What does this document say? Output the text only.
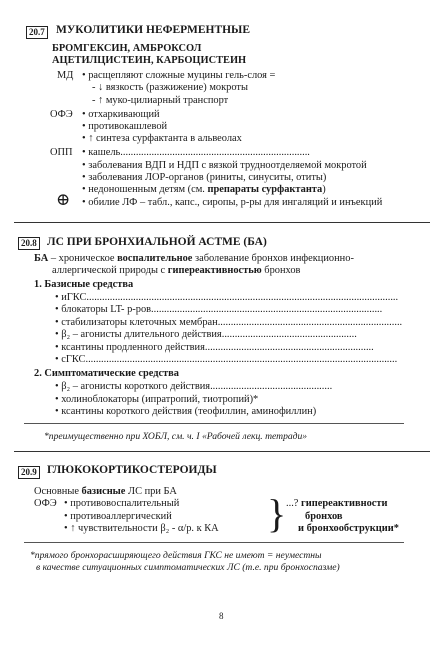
20.7 МУКОЛИТИКИ НЕФЕРМЕНТНЫЕ
БРОМГЕКСИН, АМБРОКСОЛ
АЦЕТИЛЦИСТЕИН, КАРБОЦИСТЕИН
МД • расщепляют сложные муцины гель-слоя =
- ↓ вязкость (разжижение) мокроты
- ↑ муко-цилиарный транспорт
ОФЭ • отхаркивающий
• противокашлевой
• ↑ синтеза сурфактанта в альвеолах
ОПП • кашель.........................................................................
• заболевания ВДП и НДП с вязкой трудноотделяемой мокротой
• заболевания ЛОР-органов (риниты, синуситы, отиты)
• недоношенным детям (см. препараты сурфактанта)
⊕ • обилие ЛФ – табл., капс., сиропы, р-ры для ингаляций и инъекций
20.8 ЛС ПРИ БРОНХИАЛЬНОЙ АСТМЕ (БА)
БА – хроническое воспалительное заболевание бронхов инфекционно-
аллергической природы с гипереактивностью бронхов
1. Базисные средства
• иГКС........................................................................................................................
• блокаторы LT- р-ров.........................................................................................
• стабилизаторы клеточных мембран.......................................................................
• β₂ – агонисты длительного действия....................................................
• ксантины продленного действия.................................................................
• сГКС........................................................................................................................
2. Симптоматические средства
• β₂ – агонисты короткого действия...............................................
• холиноблокаторы (ипратропий, тиотропий)*
• ксантины короткого действия (теофиллин, аминофиллин)
*преимущественно при ХОБЛ, см. ч. I «Рабочей лекц. тетради»
20.9 ГЛЮКОКОРТИКОСТЕРОИДЫ
Основные базисные ЛС при БА
ОФЭ • противовоспалительный
• противоаллергический
• ↑ чувствительности β₂ - α/р. к КА } ...? гипереактивности
бронхов
и бронхообструкции*
*прямого бронхорасширяющего действия ГКС не имеют = неуместны
в качестве ситуационных симптоматических ЛС (т.е. при бронхоспазме)
8
